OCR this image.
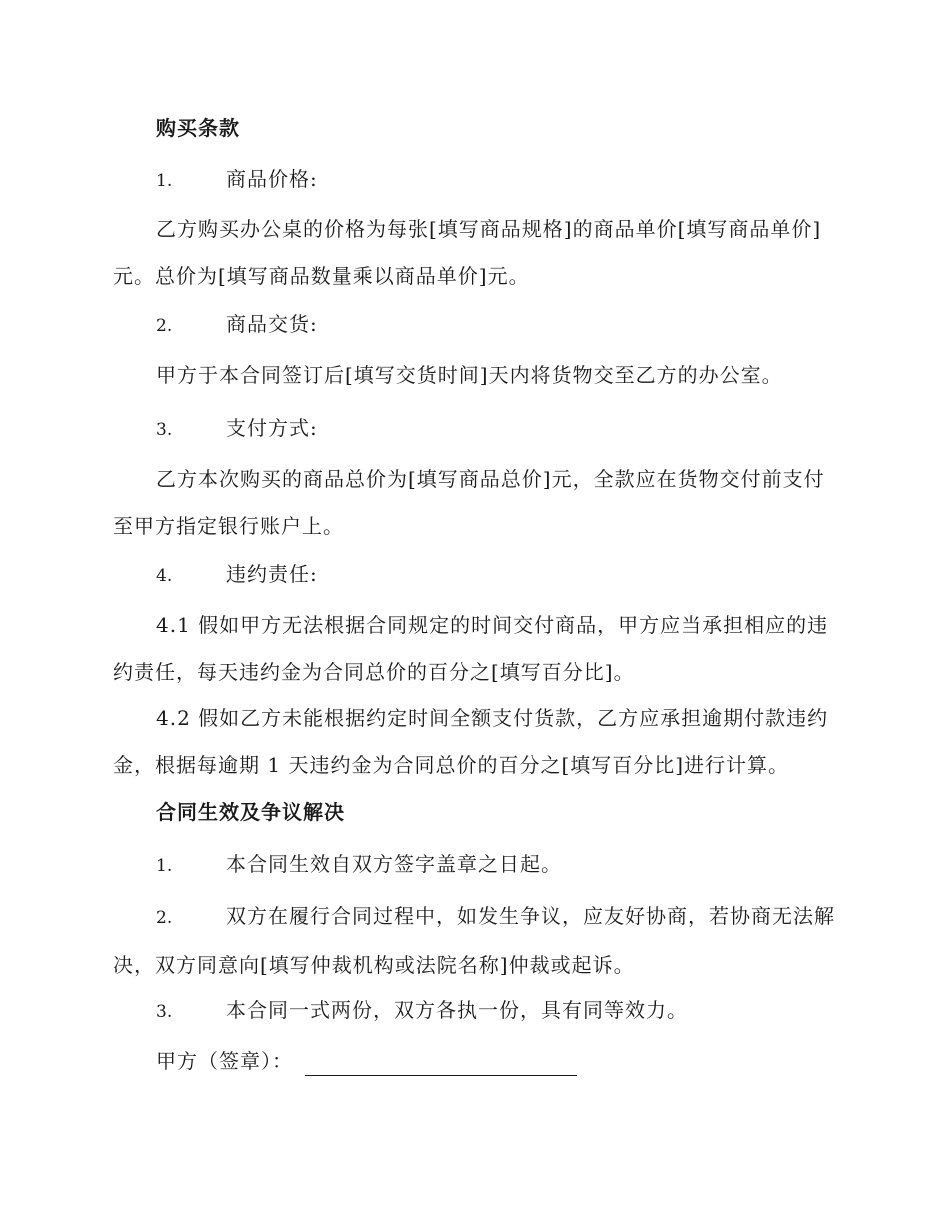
购买条款

1.	商品价格:

乙方购买办公桌的价格为每张[填写商品规格]的商品单价[填写商品单价]元。总价为[填写商品数量乘以商品单价]元。

2.	商品交货:

甲方于本合同签订后[填写交货时间]天内将货物交至乙方的办公室。

3.	支付方式:

乙方本次购买的商品总价为[填写商品总价]元，全款应在货物交付前支付至甲方指定银行账户上。

4.	违约责任:

4.1 假如甲方无法根据合同规定的时间交付商品，甲方应当承担相应的违约责任，每天违约金为合同总价的百分之[填写百分比]。

4.2 假如乙方未能根据约定时间全额支付货款，乙方应承担逾期付款违约金，根据每逾期 1 天违约金为合同总价的百分之[填写百分比]进行计算。

合同生效及争议解决

1.	本合同生效自双方签字盖章之日起。

2.	双方在履行合同过程中，如发生争议，应友好协商，若协商无法解决，双方同意向[填写仲裁机构或法院名称]仲裁或起诉。

3.	本合同一式两份，双方各执一份，具有同等效力。

甲方（签章）：
